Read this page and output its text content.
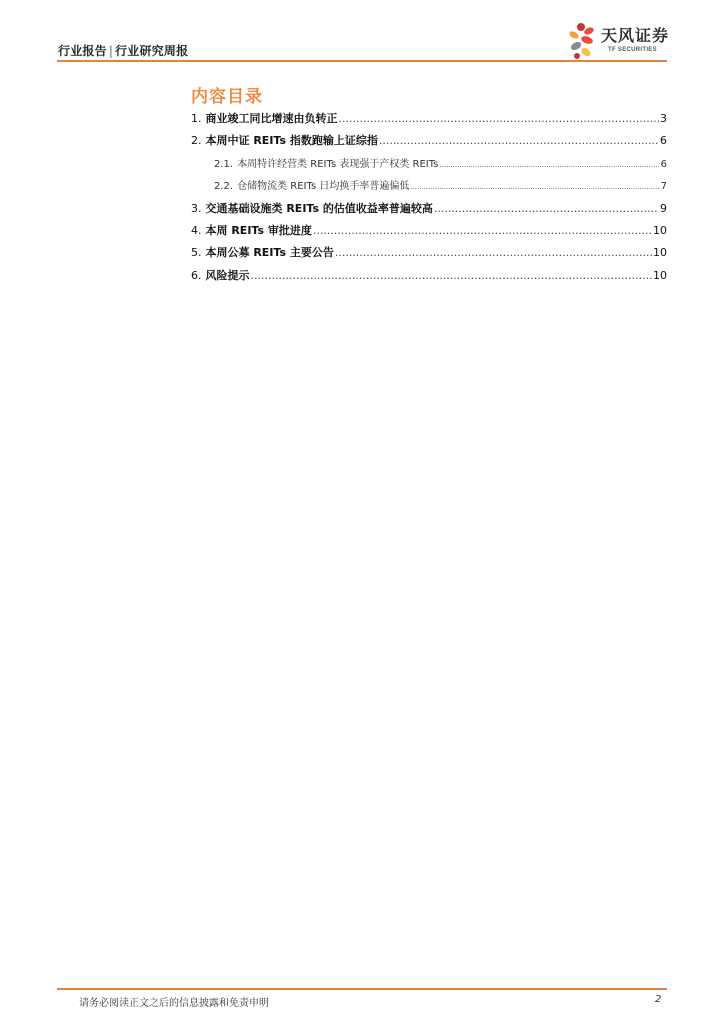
行业报告 | 行业研究周报
天风证券
TF SECURITIES
内容目录
1. 商业竣工同比增速由负转正 .....	3
2. 本周中证 REITs 指数跑输上证综指 .....	6
2.1. 本周特许经营类 REITs 表现强于产权类 REITs .....	6
2.2. 仓储物流类 REITs 日均换手率普遍偏低 .....	7
3. 交通基础设施类 REITs 的估值收益率普遍较高 .....	9
4. 本周 REITs 审批进度 .....	10
5. 本周公募 REITs 主要公告 .....	10
6. 风险提示 .....	10
请务必阅读正文之后的信息披露和免责申明	2
